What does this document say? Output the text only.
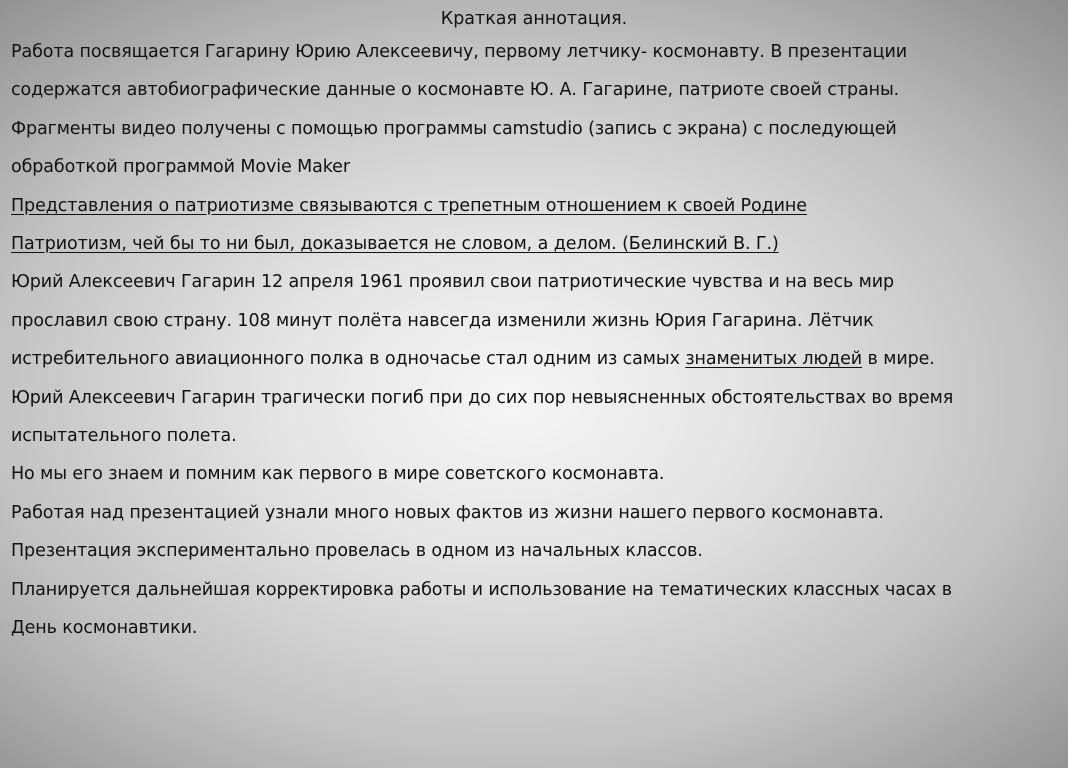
Краткая аннотация.
Работа посвящается Гагарину Юрию Алексеевичу, первому летчику- космонавту. В презентации
содержатся автобиографические данные о космонавте Ю. А. Гагарине, патриоте своей страны.
Фрагменты видео получены с помощью программы camstudio (запись с экрана) с последующей
обработкой программой Movie Maker
Представления о патриотизме связываются с трепетным отношением к своей Родине
Патриотизм, чей бы то ни был, доказывается не словом, а делом. (Белинский В. Г.)
Юрий Алексеевич Гагарин 12 апреля 1961 проявил свои патриотические чувства и на весь мир
прославил свою страну. 108 минут полёта навсегда изменили жизнь Юрия Гагарина. Лётчик
истребительного авиационного полка в одночасье стал одним из самых знаменитых людей в мире.
Юрий Алексеевич Гагарин трагически погиб при до сих пор невыясненных обстоятельствах во время
испытательного полета.
Но мы его знаем и помним как первого в мире советского космонавта.
Работая над презентацией узнали много новых фактов из жизни нашего первого космонавта.
Презентация экспериментально провелась в одном из начальных классов.
Планируется дальнейшая корректировка работы и использование на тематических классных часах в
День космонавтики.
